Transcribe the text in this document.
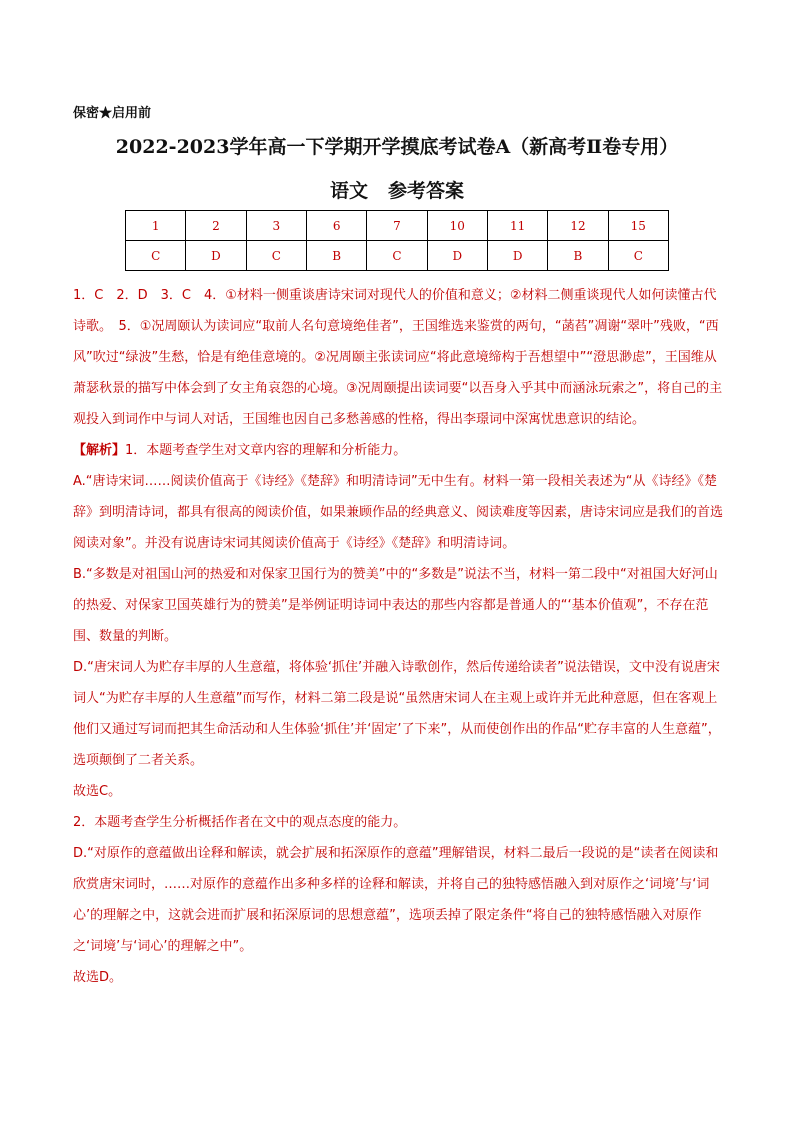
保密★启用前
2022-2023学年高一下学期开学摸底考试卷A（新高考Ⅱ卷专用）
语文 参考答案
1	2	3	6	7	10	11	12	15
C	D	C	B	C	D	D	B	C

1．C　2．D　3．C　4．①材料一侧重谈唐诗宋词对现代人的价值和意义；②材料二侧重谈现代人如何读懂古代诗歌。　5．①况周颐认为读词应“取前人名句意境绝佳者”，王国维选来鉴赏的两句，“菡萏”凋谢“翠叶”残败，“西风”吹过“绿波”生愁，恰是有绝佳意境的。②况周颐主张读词应“将此意境缔构于吾想望中”“澄思渺虑”，王国维从萧瑟秋景的描写中体会到了女主角哀怨的心境。③况周颐提出读词要“以吾身入乎其中而涵泳玩索之”，将自己的主观投入到词作中与词人对话，王国维也因自己多愁善感的性格，得出李璟词中深寓忧患意识的结论。

【解析】1．本题考查学生对文章内容的理解和分析能力。

A.“唐诗宋词……阅读价值高于《诗经》《楚辞》和明清诗词”无中生有。材料一第一段相关表述为“从《诗经》《楚辞》到明清诗词，都具有很高的阅读价值，如果兼顾作品的经典意义、阅读难度等因素，唐诗宋词应是我们的首选阅读对象”。并没有说唐诗宋词其阅读价值高于《诗经》《楚辞》和明清诗词。

B.“多数是对祖国山河的热爱和对保家卫国行为的赞美”中的“多数是”说法不当，材料一第二段中“对祖国大好河山的热爱、对保家卫国英雄行为的赞美”是举例证明诗词中表达的那些内容都是普通人的“‘基本价值观”，不存在范围、数量的判断。

D.“唐宋词人为贮存丰厚的人生意蕴，将体验‘抓住’并融入诗歌创作，然后传递给读者”说法错误，文中没有说唐宋词人“为贮存丰厚的人生意蕴”而写作，材料二第二段是说“虽然唐宋词人在主观上或许并无此种意愿，但在客观上他们又通过写词而把其生命活动和人生体验‘抓住’并‘固定’了下来”，从而使创作出的作品“贮存丰富的人生意蕴”，选项颠倒了二者关系。

故选C。

2．本题考查学生分析概括作者在文中的观点态度的能力。

D.“对原作的意蕴做出诠释和解读，就会扩展和拓深原作的意蕴”理解错误，材料二最后一段说的是“读者在阅读和欣赏唐宋词时，……对原作的意蕴作出多种多样的诠释和解读，并将自己的独特感悟融入到对原作之‘词境’与‘词心’的理解之中，这就会进而扩展和拓深原词的思想意蕴”，选项丢掉了限定条件“将自己的独特感悟融入对原作之‘词境’与‘词心’的理解之中”。

故选D。
